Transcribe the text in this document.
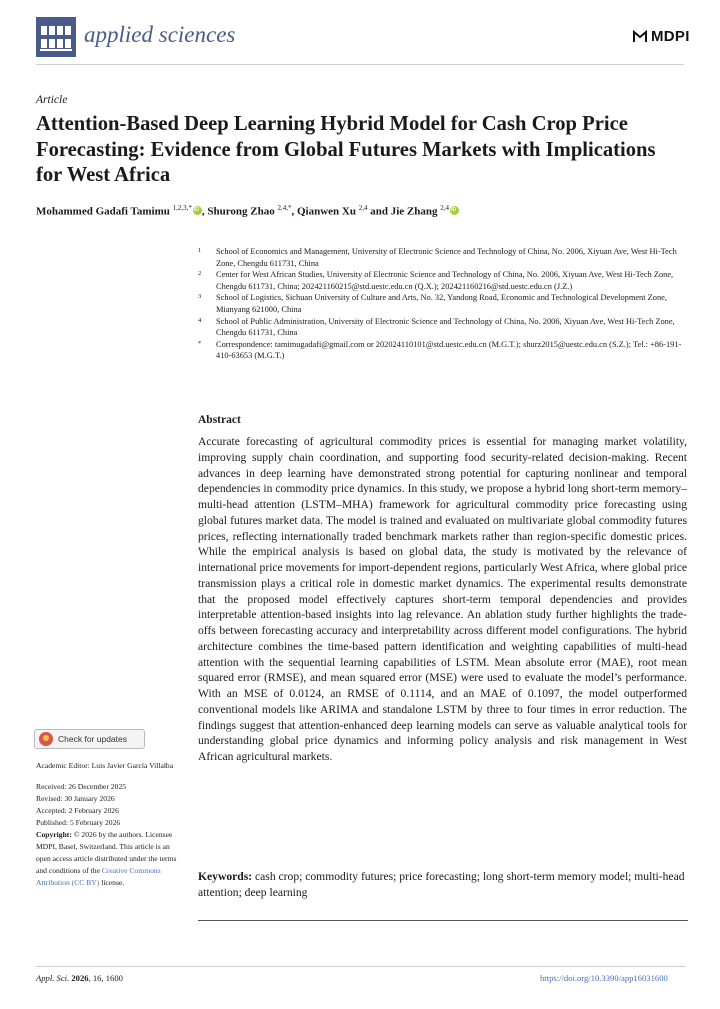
applied sciences	MDPI
Article
Attention-Based Deep Learning Hybrid Model for Cash Crop Price Forecasting: Evidence from Global Futures Markets with Implications for West Africa
Mohammed Gadafi Tamimu $^{1,2,3,*}$iD , Shurong Zhao $^{2,4,*}$, Qianwen Xu $^{2,4}$ and Jie Zhang $^{2,4}$iD
1 School of Economics and Management, University of Electronic Science and Technology of China, No. 2006, Xiyuan Ave, West Hi-Tech Zone, Chengdu 611731, China
2 Center for West African Studies, University of Electronic Science and Technology of China, No. 2006, Xiyuan Ave, West Hi-Tech Zone, Chengdu 611731, China; 202421160215@std.uestc.edu.cn (Q.X.); 202421160216@std.uestc.edu.cn (J.Z.)
3 School of Logistics, Sichuan University of Culture and Arts, No. 32, Yandong Road, Economic and Technological Development Zone, Mianyang 621000, China
4 School of Public Administration, University of Electronic Science and Technology of China, No. 2006, Xiyuan Ave, West Hi-Tech Zone, Chengdu 611731, China
* Correspondence: tamimugadafi@gmail.com or 202024110101@std.uestc.edu.cn (M.G.T.); shurz2015@uestc.edu.cn (S.Z.); Tel.: +86-191-410-63653 (M.G.T.)
Abstract

Accurate forecasting of agricultural commodity prices is essential for managing market volatility, improving supply chain coordination, and supporting food security-related decision-making. Recent advances in deep learning have demonstrated strong potential for capturing nonlinear and temporal dependencies in commodity price dynamics. In this study, we propose a hybrid long short-term memory–multi-head attention (LSTM–MHA) framework for agricultural commodity price forecasting using global futures market data. The model is trained and evaluated on multivariate global commodity futures prices, reflecting internationally traded benchmark markets rather than region-specific domestic prices. While the empirical analysis is based on global data, the study is motivated by the relevance of international price movements for import-dependent regions, particularly West Africa, where global price transmission plays a critical role in domestic market dynamics. The experimental results demonstrate that the proposed model effectively captures short-term temporal dependencies and provides interpretable attention-based insights into lag relevance. An ablation study further highlights the trade-offs between forecasting accuracy and interpretability across different model configurations. The hybrid architecture combines the time-based pattern identification and weighting capabilities of multi-head attention with the sequential learning capabilities of LSTM. Mean absolute error (MAE), root mean squared error (RMSE), and mean squared error (MSE) were used to evaluate the model’s performance. With an MSE of 0.0124, an RMSE of 0.1114, and an MAE of 0.1097, the model outperformed conventional models like ARIMA and standalone LSTM by three to four times in error reduction. The findings suggest that attention-enhanced deep learning models can serve as valuable analytical tools for understanding global price dynamics and informing policy analysis and risk management in West African agricultural markets.

Keywords: cash crop; commodity futures; price forecasting; long short-term memory model; multi-head attention; deep learning

Check for updates

Academic Editor: Luis Javier García Villalba

Received: 26 December 2025

Revised: 30 January 2026

Accepted: 2 February 2026

Published: 5 February 2026

Copyright: © 2026 by the authors. Licensee MDPI, Basel, Switzerland. This article is an open access article distributed under the terms and conditions of the Creative Commons Attribution (CC BY) license.

Appl. Sci. 2026, 16, 1600	https://doi.org/10.3390/app16031600
